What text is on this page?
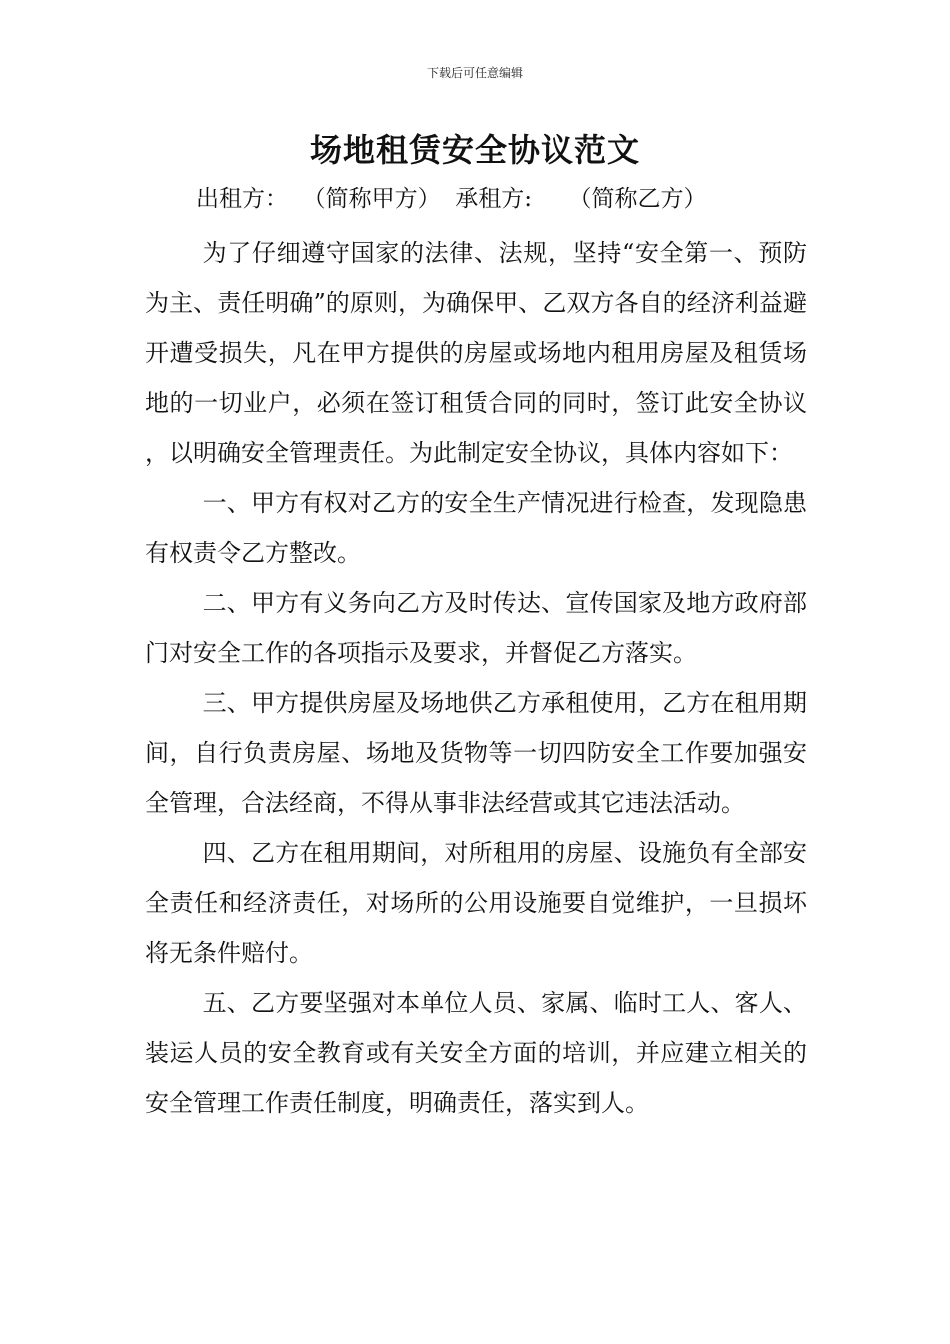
下载后可任意编辑
场地租赁安全协议范文
出租方：  （简称甲方）  承租方:     （简称乙方）

为了仔细遵守国家的法律、法规，坚持“安全第一、预防为主、责任明确”的原则，为确保甲、乙双方各自的经济利益避开遭受损失，凡在甲方提供的房屋或场地内租用房屋及租赁场地的一切业户，必须在签订租赁合同的同时，签订此安全协议，以明确安全管理责任。为此制定安全协议，具体内容如下：

一、甲方有权对乙方的安全生产情况进行检查，发现隐患有权责令乙方整改。

二、甲方有义务向乙方及时传达、宣传国家及地方政府部门对安全工作的各项指示及要求，并督促乙方落实。

三、甲方提供房屋及场地供乙方承租使用，乙方在租用期间，自行负责房屋、场地及货物等一切四防安全工作要加强安全管理，合法经商，不得从事非法经营或其它违法活动。

四、乙方在租用期间，对所租用的房屋、设施负有全部安全责任和经济责任，对场所的公用设施要自觉维护，一旦损坏将无条件赔付。

五、乙方要坚强对本单位人员、家属、临时工人、客人、装运人员的安全教育或有关安全方面的培训，并应建立相关的安全管理工作责任制度，明确责任，落实到人。
